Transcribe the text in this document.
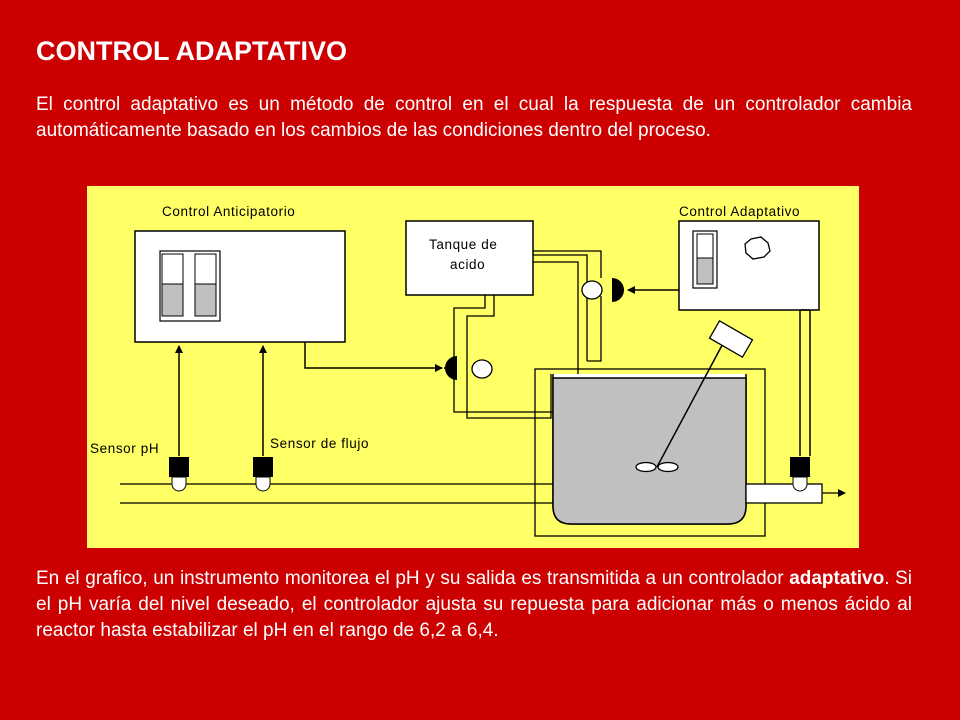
CONTROL ADAPTATIVO

El control adaptativo es un método de control en el cual la respuesta de un controlador cambia automáticamente basado en los cambios de las condiciones dentro del proceso.

Control Anticipatorio	Control Adaptativo
Tanque de
acido
Sensor pH	Sensor de flujo

En el grafico, un instrumento monitorea el pH y su salida es transmitida a un controlador adaptativo. Si el pH varía del nivel deseado, el controlador ajusta su repuesta para adicionar más o menos ácido al reactor hasta estabilizar el pH en el rango de 6,2 a 6,4.
